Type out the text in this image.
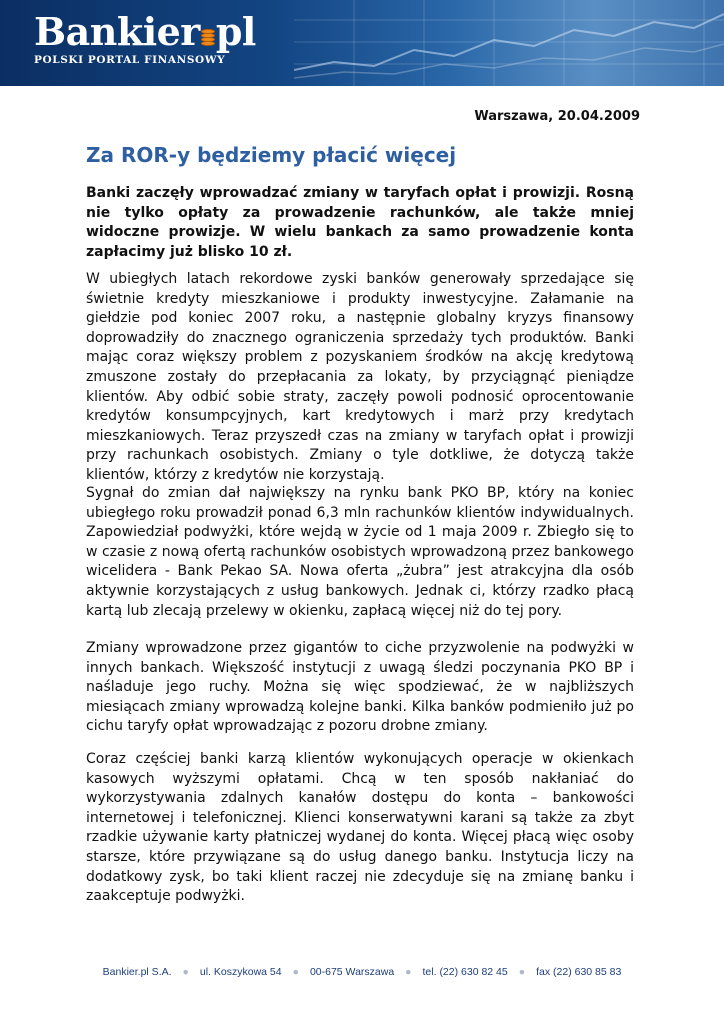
Bankier pl
POLSKI PORTAL FINANSOWY
Warszawa, 20.04.2009
Za ROR-y będziemy płacić więcej

Banki zaczęły wprowadzać zmiany w taryfach opłat i prowizji. Rosną nie tylko opłaty za prowadzenie rachunków, ale także mniej widoczne prowizje. W wielu bankach za samo prowadzenie konta zapłacimy już blisko 10 zł.

W ubiegłych latach rekordowe zyski banków generowały sprzedające się świetnie kredyty mieszkaniowe i produkty inwestycyjne. Załamanie na giełdzie pod koniec 2007 roku, a następnie globalny kryzys finansowy doprowadziły do znacznego ograniczenia sprzedaży tych produktów. Banki mając coraz większy problem z pozyskaniem środków na akcję kredytową zmuszone zostały do przepłacania za lokaty, by przyciągnąć pieniądze klientów. Aby odbić sobie straty, zaczęły powoli podnosić oprocentowanie kredytów konsumpcyjnych, kart kredytowych i marż przy kredytach mieszkaniowych. Teraz przyszedł czas na zmiany w taryfach opłat i prowizji przy rachunkach osobistych. Zmiany o tyle dotkliwe, że dotyczą także klientów, którzy z kredytów nie korzystają.

Sygnał do zmian dał największy na rynku bank PKO BP, który na koniec ubiegłego roku prowadził ponad 6,3 mln rachunków klientów indywidualnych. Zapowiedział podwyżki, które wejdą w życie od 1 maja 2009 r. Zbiegło się to w czasie z nową ofertą rachunków osobistych wprowadzoną przez bankowego wicelidera - Bank Pekao SA. Nowa oferta „żubra” jest atrakcyjna dla osób aktywnie korzystających z usług bankowych. Jednak ci, którzy rzadko płacą kartą lub zlecają przelewy w okienku, zapłacą więcej niż do tej pory.

Zmiany wprowadzone przez gigantów to ciche przyzwolenie na podwyżki w innych bankach. Większość instytucji z uwagą śledzi poczynania PKO BP i naśladuje jego ruchy. Można się więc spodziewać, że w najbliższych miesiącach zmiany wprowadzą kolejne banki. Kilka banków podmieniło już po cichu taryfy opłat wprowadzając z pozoru drobne zmiany.

Coraz częściej banki karzą klientów wykonujących operacje w okienkach kasowych wyższymi opłatami. Chcą w ten sposób nakłaniać do wykorzystywania zdalnych kanałów dostępu do konta – bankowości internetowej i telefonicznej. Klienci konserwatywni karani są także za zbyt rzadkie używanie karty płatniczej wydanej do konta. Więcej płacą więc osoby starsze, które przywiązane są do usług danego banku. Instytucja liczy na dodatkowy zysk, bo taki klient raczej nie zdecyduje się na zmianę banku i zaakceptuje podwyżki.

Bankier.pl S.A. ● ul. Koszykowa 54 ● 00-675 Warszawa ● tel. (22) 630 82 45 ● fax (22) 630 85 83
